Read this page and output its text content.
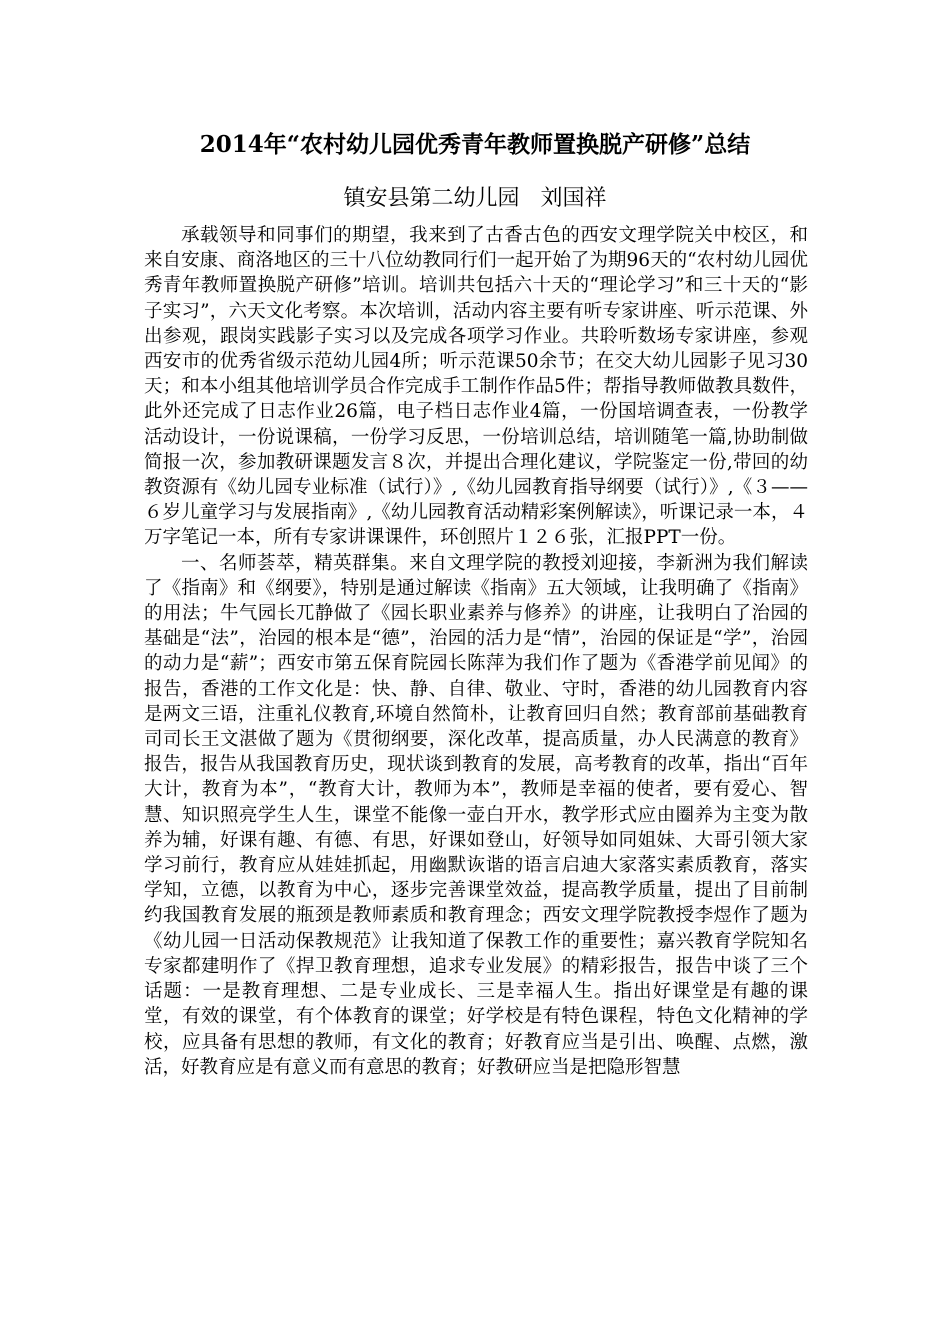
2014年“农村幼儿园优秀青年教师置换脱产研修”总结
镇安县第二幼儿园   刘国祥

承载领导和同事们的期望，我来到了古香古色的西安文理学院关中校区，和来自安康、商洛地区的三十八位幼教同行们一起开始了为期96天的“农村幼儿园优秀青年教师置换脱产研修”培训。培训共包括六十天的“理论学习”和三十天的“影子实习”，六天文化考察。本次培训，活动内容主要有听专家讲座、听示范课、外出参观，跟岗实践影子实习以及完成各项学习作业。共聆听数场专家讲座，参观西安市的优秀省级示范幼儿园4所；听示范课50余节；在交大幼儿园影子见习30天；和本小组其他培训学员合作完成手工制作作品5件；帮指导教师做教具数件，此外还完成了日志作业26篇，电子档日志作业4篇，一份国培调查表，一份教学活动设计，一份说课稿，一份学习反思，一份培训总结，培训随笔一篇,协助制做简报一次，参加教研课题发言８次，并提出合理化建议，学院鉴定一份,带回的幼教资源有《幼儿园专业标准（试行）》,《幼儿园教育指导纲要（试行）》,《３——６岁儿童学习与发展指南》,《幼儿园教育活动精彩案例解读》，听课记录一本，４万字笔记一本，所有专家讲课课件，环创照片１２６张，汇报PPT一份。

一、名师荟萃，精英群集。来自文理学院的教授刘迎接，李新洲为我们解读了《指南》和《纲要》，特别是通过解读《指南》五大领域，让我明确了《指南》的用法；牛气园长兀静做了《园长职业素养与修养》的讲座，让我明白了治园的基础是“法”，治园的根本是“德”，治园的活力是“情”，治园的保证是“学”，治园的动力是“薪”；西安市第五保育院园长陈萍为我们作了题为《香港学前见闻》的报告，香港的工作文化是：快、静、自律、敬业、守时，香港的幼儿园教育内容是两文三语，注重礼仪教育,环境自然简朴，让教育回归自然；教育部前基础教育司司长王文湛做了题为《贯彻纲要，深化改革，提高质量，办人民满意的教育》报告，报告从我国教育历史，现状谈到教育的发展，高考教育的改革，指出“百年大计，教育为本”，“教育大计，教师为本”，教师是幸福的使者，要有爱心、智慧、知识照亮学生人生，课堂不能像一壶白开水，教学形式应由圈养为主变为散养为辅，好课有趣、有德、有思，好课如登山，好领导如同姐妹、大哥引领大家学习前行，教育应从娃娃抓起，用幽默诙谐的语言启迪大家落实素质教育，落实学知，立德，以教育为中心，逐步完善课堂效益，提高教学质量，提出了目前制约我国教育发展的瓶颈是教师素质和教育理念；西安文理学院教授李煜作了题为《幼儿园一日活动保教规范》让我知道了保教工作的重要性；嘉兴教育学院知名专家都建明作了《捍卫教育理想，追求专业发展》的精彩报告，报告中谈了三个话题：一是教育理想、二是专业成长、三是幸福人生。指出好课堂是有趣的课堂，有效的课堂，有个体教育的课堂；好学校是有特色课程，特色文化精神的学校，应具备有思想的教师，有文化的教育；好教育应当是引出、唤醒、点燃，激活，好教育应是有意义而有意思的教育；好教研应当是把隐形智慧
